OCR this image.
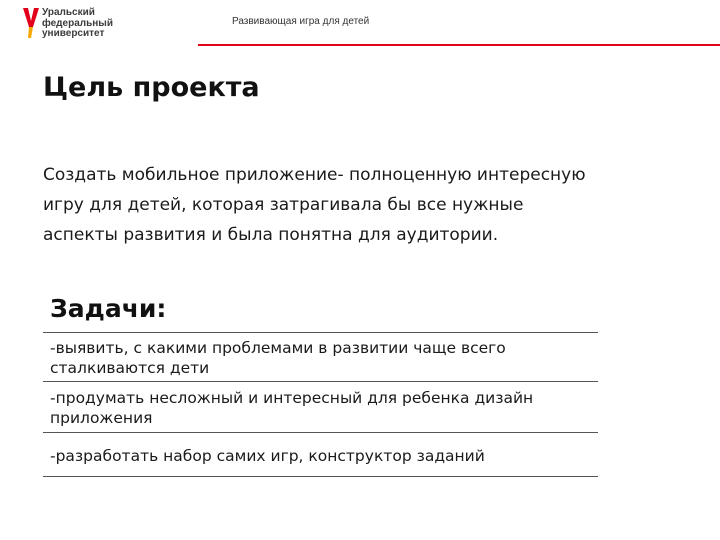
Уральский
федеральный
университет
Развивающая игра для детей
Цель проекта

Создать мобильное приложение- полноценную интересную игру для детей, которая затрагивала бы все нужные аспекты развития и была понятна для аудитории.

Задачи:
-выявить, с какими проблемами в развитии чаще всего сталкиваются дети
-продумать несложный и интересный для ребенка дизайн приложения
-разработать набор самих игр, конструктор заданий
